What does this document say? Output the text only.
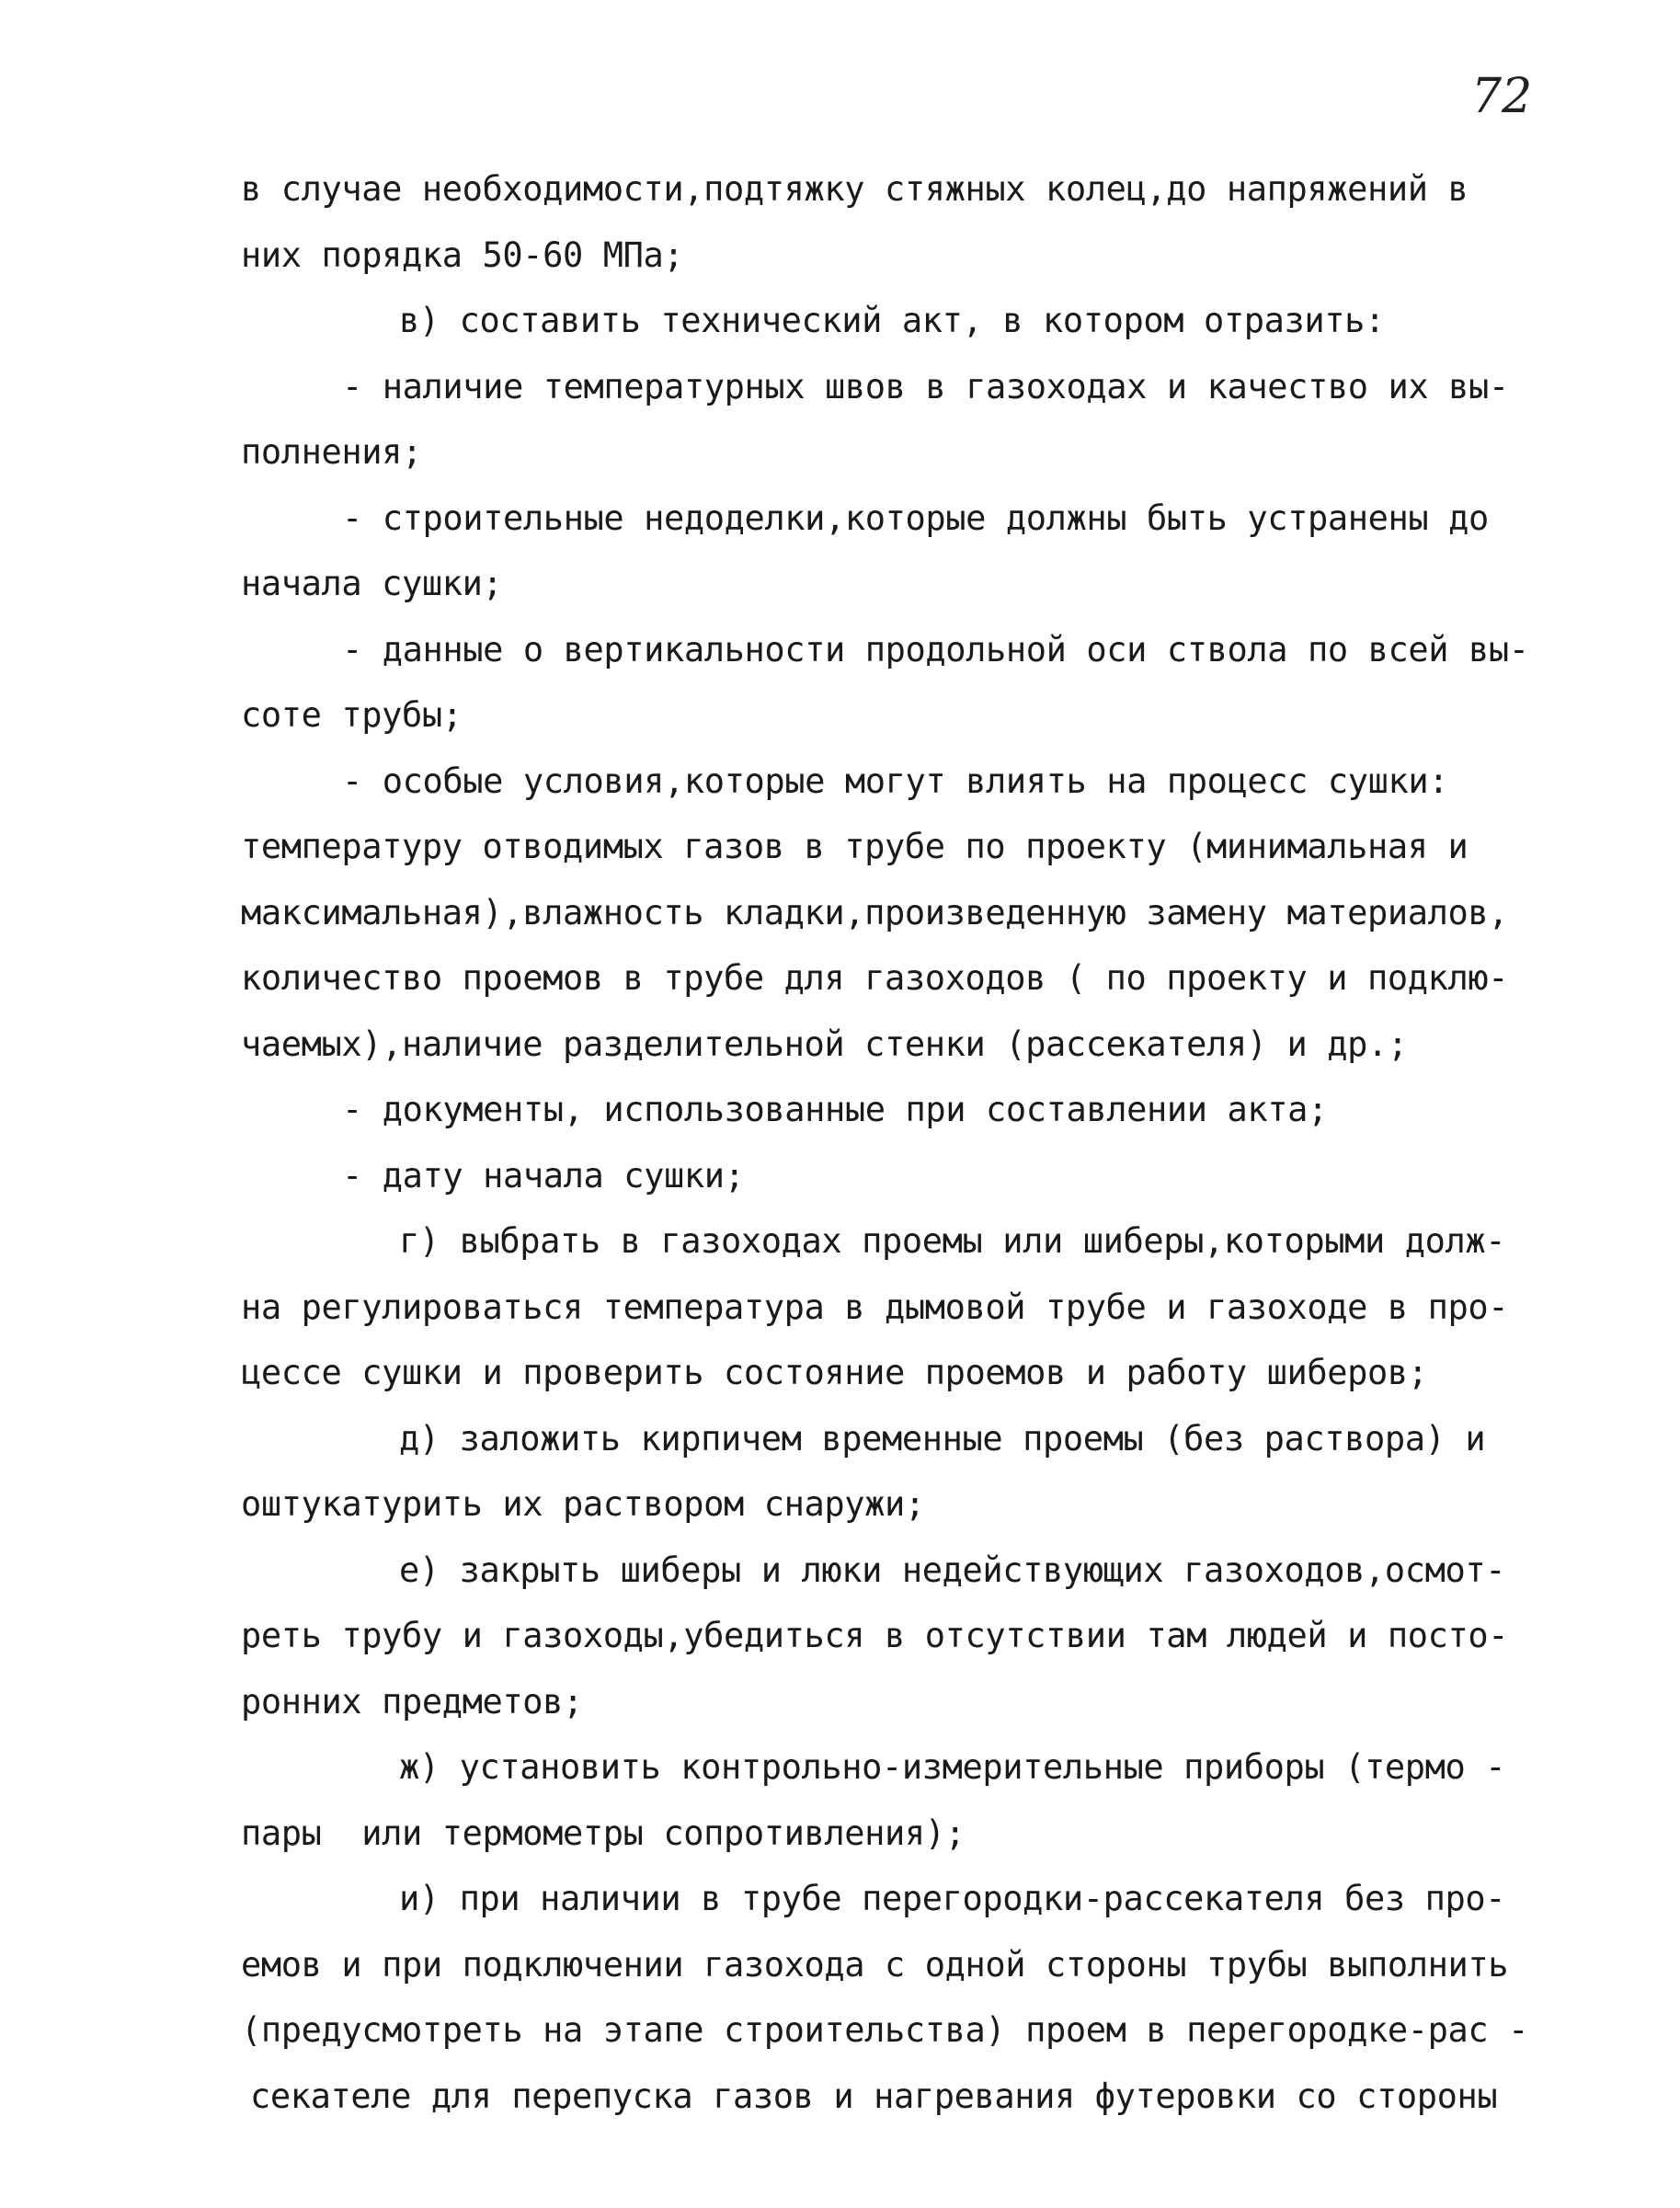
72
в случае необходимости,подтяжку стяжных колец,до напряжений в
них порядка 50-60 МПа;
в) составить технический акт, в котором отразить:
- наличие температурных швов в газоходах и качество их вы-
полнения;
- строительные недоделки,которые должны быть устранены до
начала сушки;
- данные о вертикальности продольной оси ствола по всей вы-
соте трубы;
- особые условия,которые могут влиять на процесс сушки:
температуру отводимых газов в трубе по проекту (минимальная и
максимальная),влажность кладки,произведенную замену материалов,
количество проемов в трубе для газоходов ( по проекту и подклю-
чаемых),наличие разделительной стенки (рассекателя) и др.;
- документы, использованные при составлении акта;
- дату начала сушки;
г) выбрать в газоходах проемы или шиберы,которыми долж-
на регулироваться температура в дымовой трубе и газоходе в про-
цессе сушки и проверить состояние проемов и работу шиберов;
д) заложить кирпичем временные проемы (без раствора) и
оштукатурить их раствором снаружи;
е) закрыть шиберы и люки недействующих газоходов,осмот-
реть трубу и газоходы,убедиться в отсутствии там людей и посто-
ронних предметов;
ж) установить контрольно-измерительные приборы (термо -
пары  или термометры сопротивления);
и) при наличии в трубе перегородки-рассекателя без про-
емов и при подключении газохода с одной стороны трубы выполнить
(предусмотреть на этапе строительства) проем в перегородке-рас -
секателе для перепуска газов и нагревания футеровки со стороны
